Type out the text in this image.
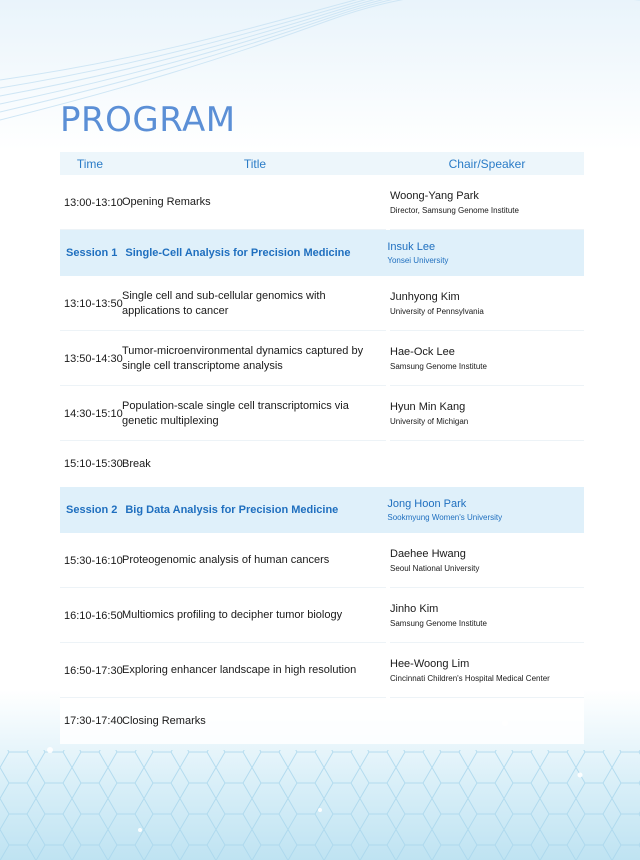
PROGRAM
Time	Title	Chair/Speaker
13:00-13:10 Opening Remarks
Woong-Yang Park
Director, Samsung Genome Institute
Session 1 Single-Cell Analysis for Precision Medicine
Insuk Lee
Yonsei University
13:10-13:50
Single cell and sub-cellular genomics with applications to cancer
Junhyong Kim
University of Pennsylvania
13:50-14:30
Tumor-microenvironmental dynamics captured by single cell transcriptome analysis
Hae-Ock Lee
Samsung Genome Institute
14:30-15:10
Population-scale single cell transcriptomics via genetic multiplexing
Hyun Min Kang
University of Michigan
15:10-15:30 Break
Session 2 Big Data Analysis for Precision Medicine
Jong Hoon Park
Sookmyung Women's University
15:30-16:10 Proteogenomic analysis of human cancers
Daehee Hwang
Seoul National University
16:10-16:50 Multiomics profiling to decipher tumor biology
Jinho Kim
Samsung Genome Institute
16:50-17:30 Exploring enhancer landscape in high resolution
Hee-Woong Lim
Cincinnati Children's Hospital Medical Center
17:30-17:40 Closing Remarks
